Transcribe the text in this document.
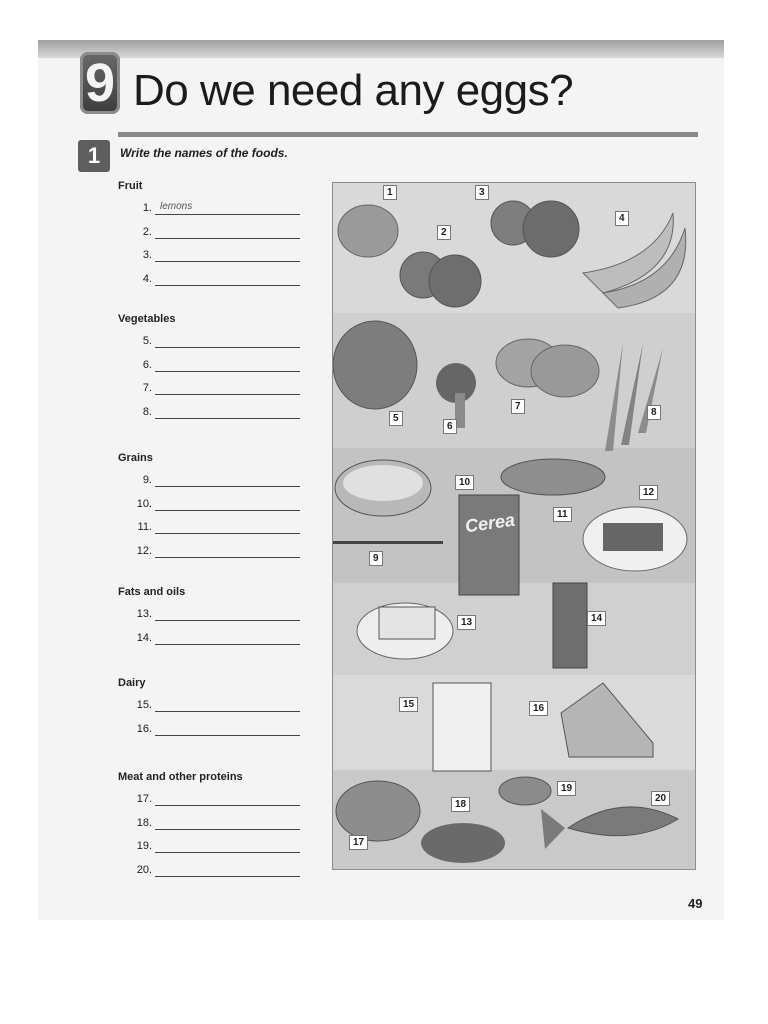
9 Do we need any eggs?
1	Write the names of the foods.
Fruit
1. lemons
2.
3.
4.
Vegetables
5.
6.
7.
8.
Grains
9.
10.
11.
12.
Fats and oils
13.
14.
Dairy
15.
16.
Meat and other proteins
17.
18.
19.
20.
1
2
3
4
5
6
7
8
9
10
11
12
13	14
15	16
17
18
19
20
Cerea
49
